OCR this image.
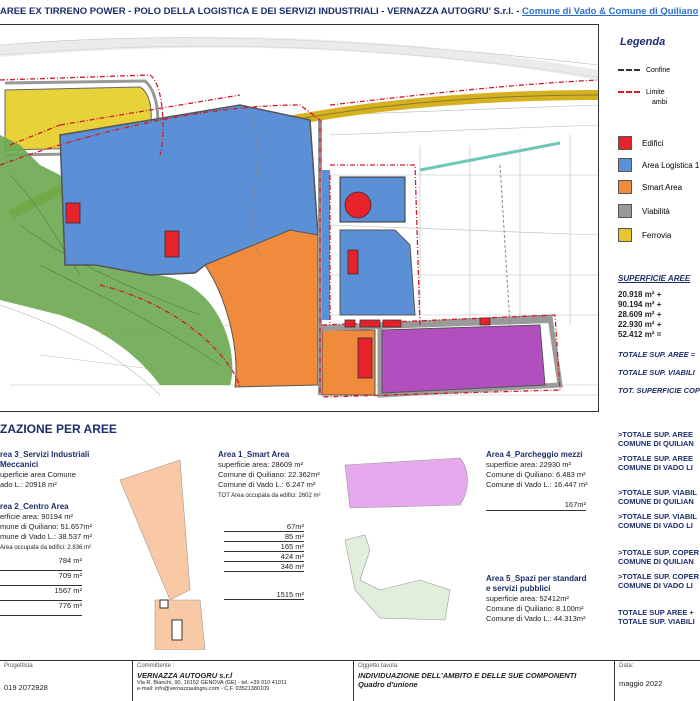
AREE EX TIRRENO POWER - POLO DELLA LOGISTICA E DEI SERVIZI INDUSTRIALI - VERNAZZA AUTOGRU' S.r.l. - Comune di Vado & Comune di Quiliano
Legenda
Confine
Limite
ambi
Edifici
Area Logistica 1
Smart Area
Viabilità
Ferrovia
SUPERFICIE AREE
20.918 m² +
90.194 m² +
28.609 m² +
22.930 m² +
52.412 m² =
TOTALE SUP. AREE =
TOTALE SUP. VIABILI
TOT. SUPERFICIE COP
ZAZIONE PER AREE
rea 3_Servizi Industriali
Meccanici
uperficie area Comune
ado L.: 20918 m²
rea 2_Centro Area
erficie area: 90194 m²
mune di Quiliano: 51.657m²
mune di Vado L.: 38.537 m²
Area occupata da edifici: 2.836 m²
784 m²
709 m²
1567 m²
776 m²
Area 1_Smart Area
superficie area: 28609 m²
Comune di Quiliano: 22.362m²
Comune di Vado L.: 6.247 m²
TOT Area occupata da edifici: 2602 m²
67m²
85 m²
165 m²
424 m²
346 m²
1515 m²
Area 4_Parcheggio mezzi
superficie area: 22930 m²
Comune di Quiliano: 6.483 m²
Comune di Vado L.: 16.447 m²
167m²
Area 5_Spazi per standard
e servizi pubblici
superficie area: 52412m²
Comune di Quiliano: 8.100m²
Comune di Vado L.: 44.313m²
>TOTALE SUP. AREE
COMUNE DI QUILIAN
>TOTALE SUP. AREE
COMUNE DI VADO LI
>TOTALE SUP. VIABIL
COMUNE DI QUILIAN
>TOTALE SUP. VIABIL
COMUNE DI VADO LI
>TOTALE SUP. COPER
COMUNE DI QUILIAN
>TOTALE SUP. COPER
COMUNE DI VADO LI
TOTALE SUP AREE +
TOTALE SUP. VIABILI
Progettista
019 2072928
Committente :
VERNAZZA AUTOGRU s.r.l
Via R. Bianchi, 90, 16152 GENOVA (GE) - tel. +39 010 41011
e-mail: info@vernazzautogru.com - C.F. 03521380109
Oggetto tavola:
INDIVIDUAZIONE DELL'AMBITO E DELLE SUE COMPONENTI
Quadro d'unione
Data:
maggio 2022
